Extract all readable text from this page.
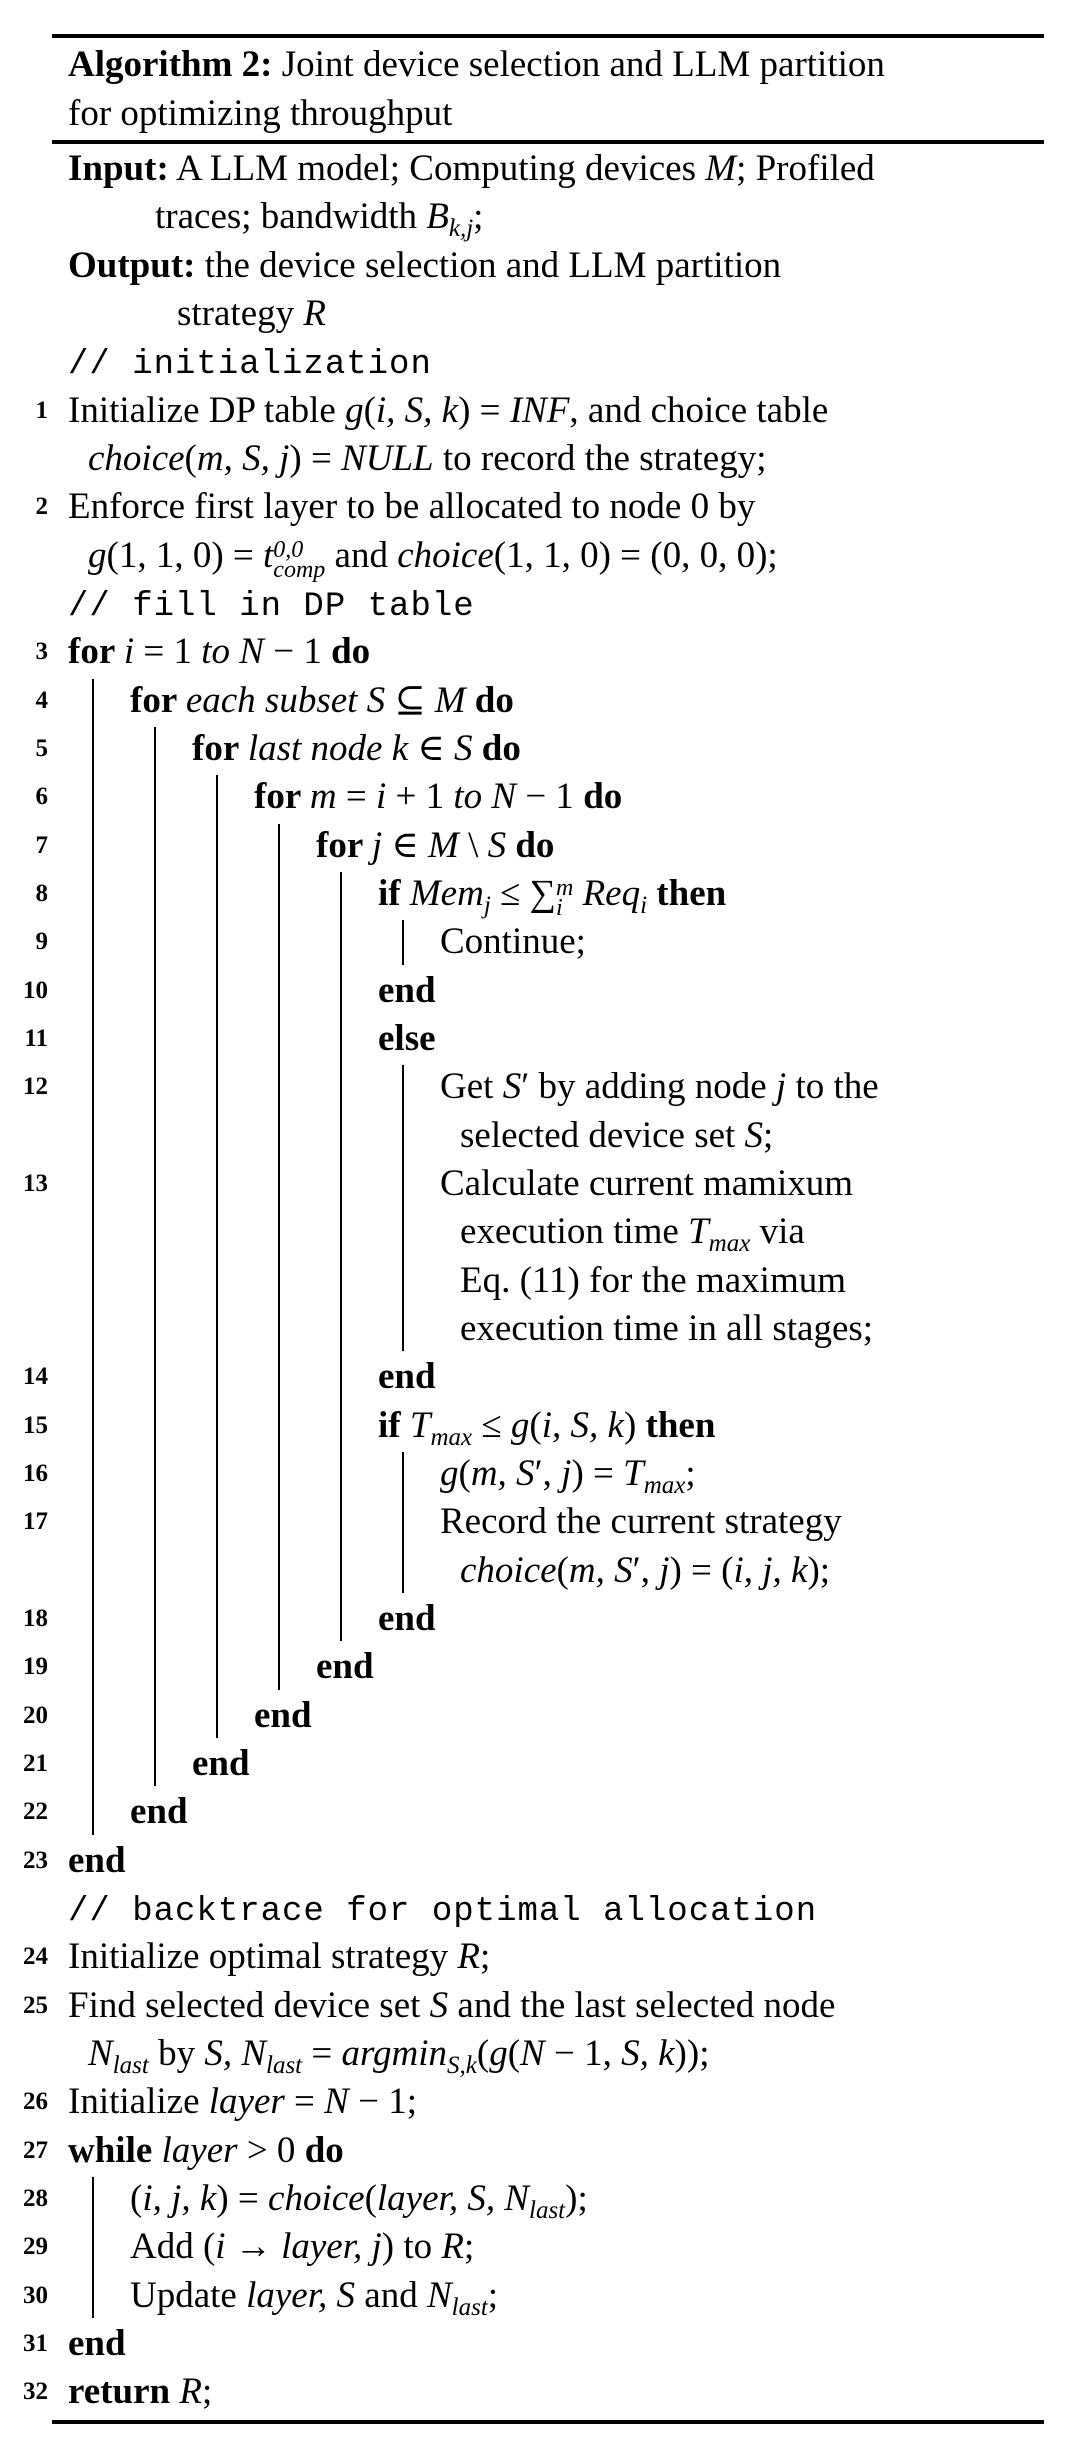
Algorithm 2: Joint device selection and LLM partition
for optimizing throughput
Input: A LLM model; Computing devices M; Profiled
traces; bandwidth $B_{k,j}$;
Output: the device selection and LLM partition
strategy R
// initialization
1 Initialize DP table g(i, S, k) = INF, and choice table
choice(m, S, j) = NULL to record the strategy;
2 Enforce first layer to be allocated to node 0 by
g(1, 1, 0) = t 0,0
comp and choice(1, 1, 0) = (0, 0, 0);
// fill in DP table
3 for i = 1 to N − 1 do
4 for each subset S ⊆ M do
5	for last node k ∈ S do
6	for m = i + 1 to N − 1 do
7	for j ∈ M \ S do
8	if Mem$_j$ ≤ ∑ m
i Req$_i$ then
9	Continue;
10	end
11	else
12	Get S′ by adding node j to the
selected device set S;
13	Calculate current mamixum
execution time $T_{max}$ via
Eq. (11) for the maximum
execution time in all stages;
14	end
15	if $T_{max} \le g(i$, S, k) then
16	g(m, S′, $j) = T_{max}$;
17	Record the current strategy
choice(m, S′, j) = (i, j, k);
18	end
19	end
20	end
21	end
22 end
23 end
// backtrace for optimal allocation
24 Initialize optimal strategy R;
25 Find selected device set S and the last selected node
$N_{last}$ by S, $N_{last} = argmin_{S,k}(g(N - 1$, S, k));
26 Initialize layer = N − 1;
27 while layer > 0 do
28 (i, j, k) = choice(layer, S, $N_{last}$);
29 Add (i → layer, j) to R;
30 Update layer, S and $N_{last}$;
31 end
32 return R;
